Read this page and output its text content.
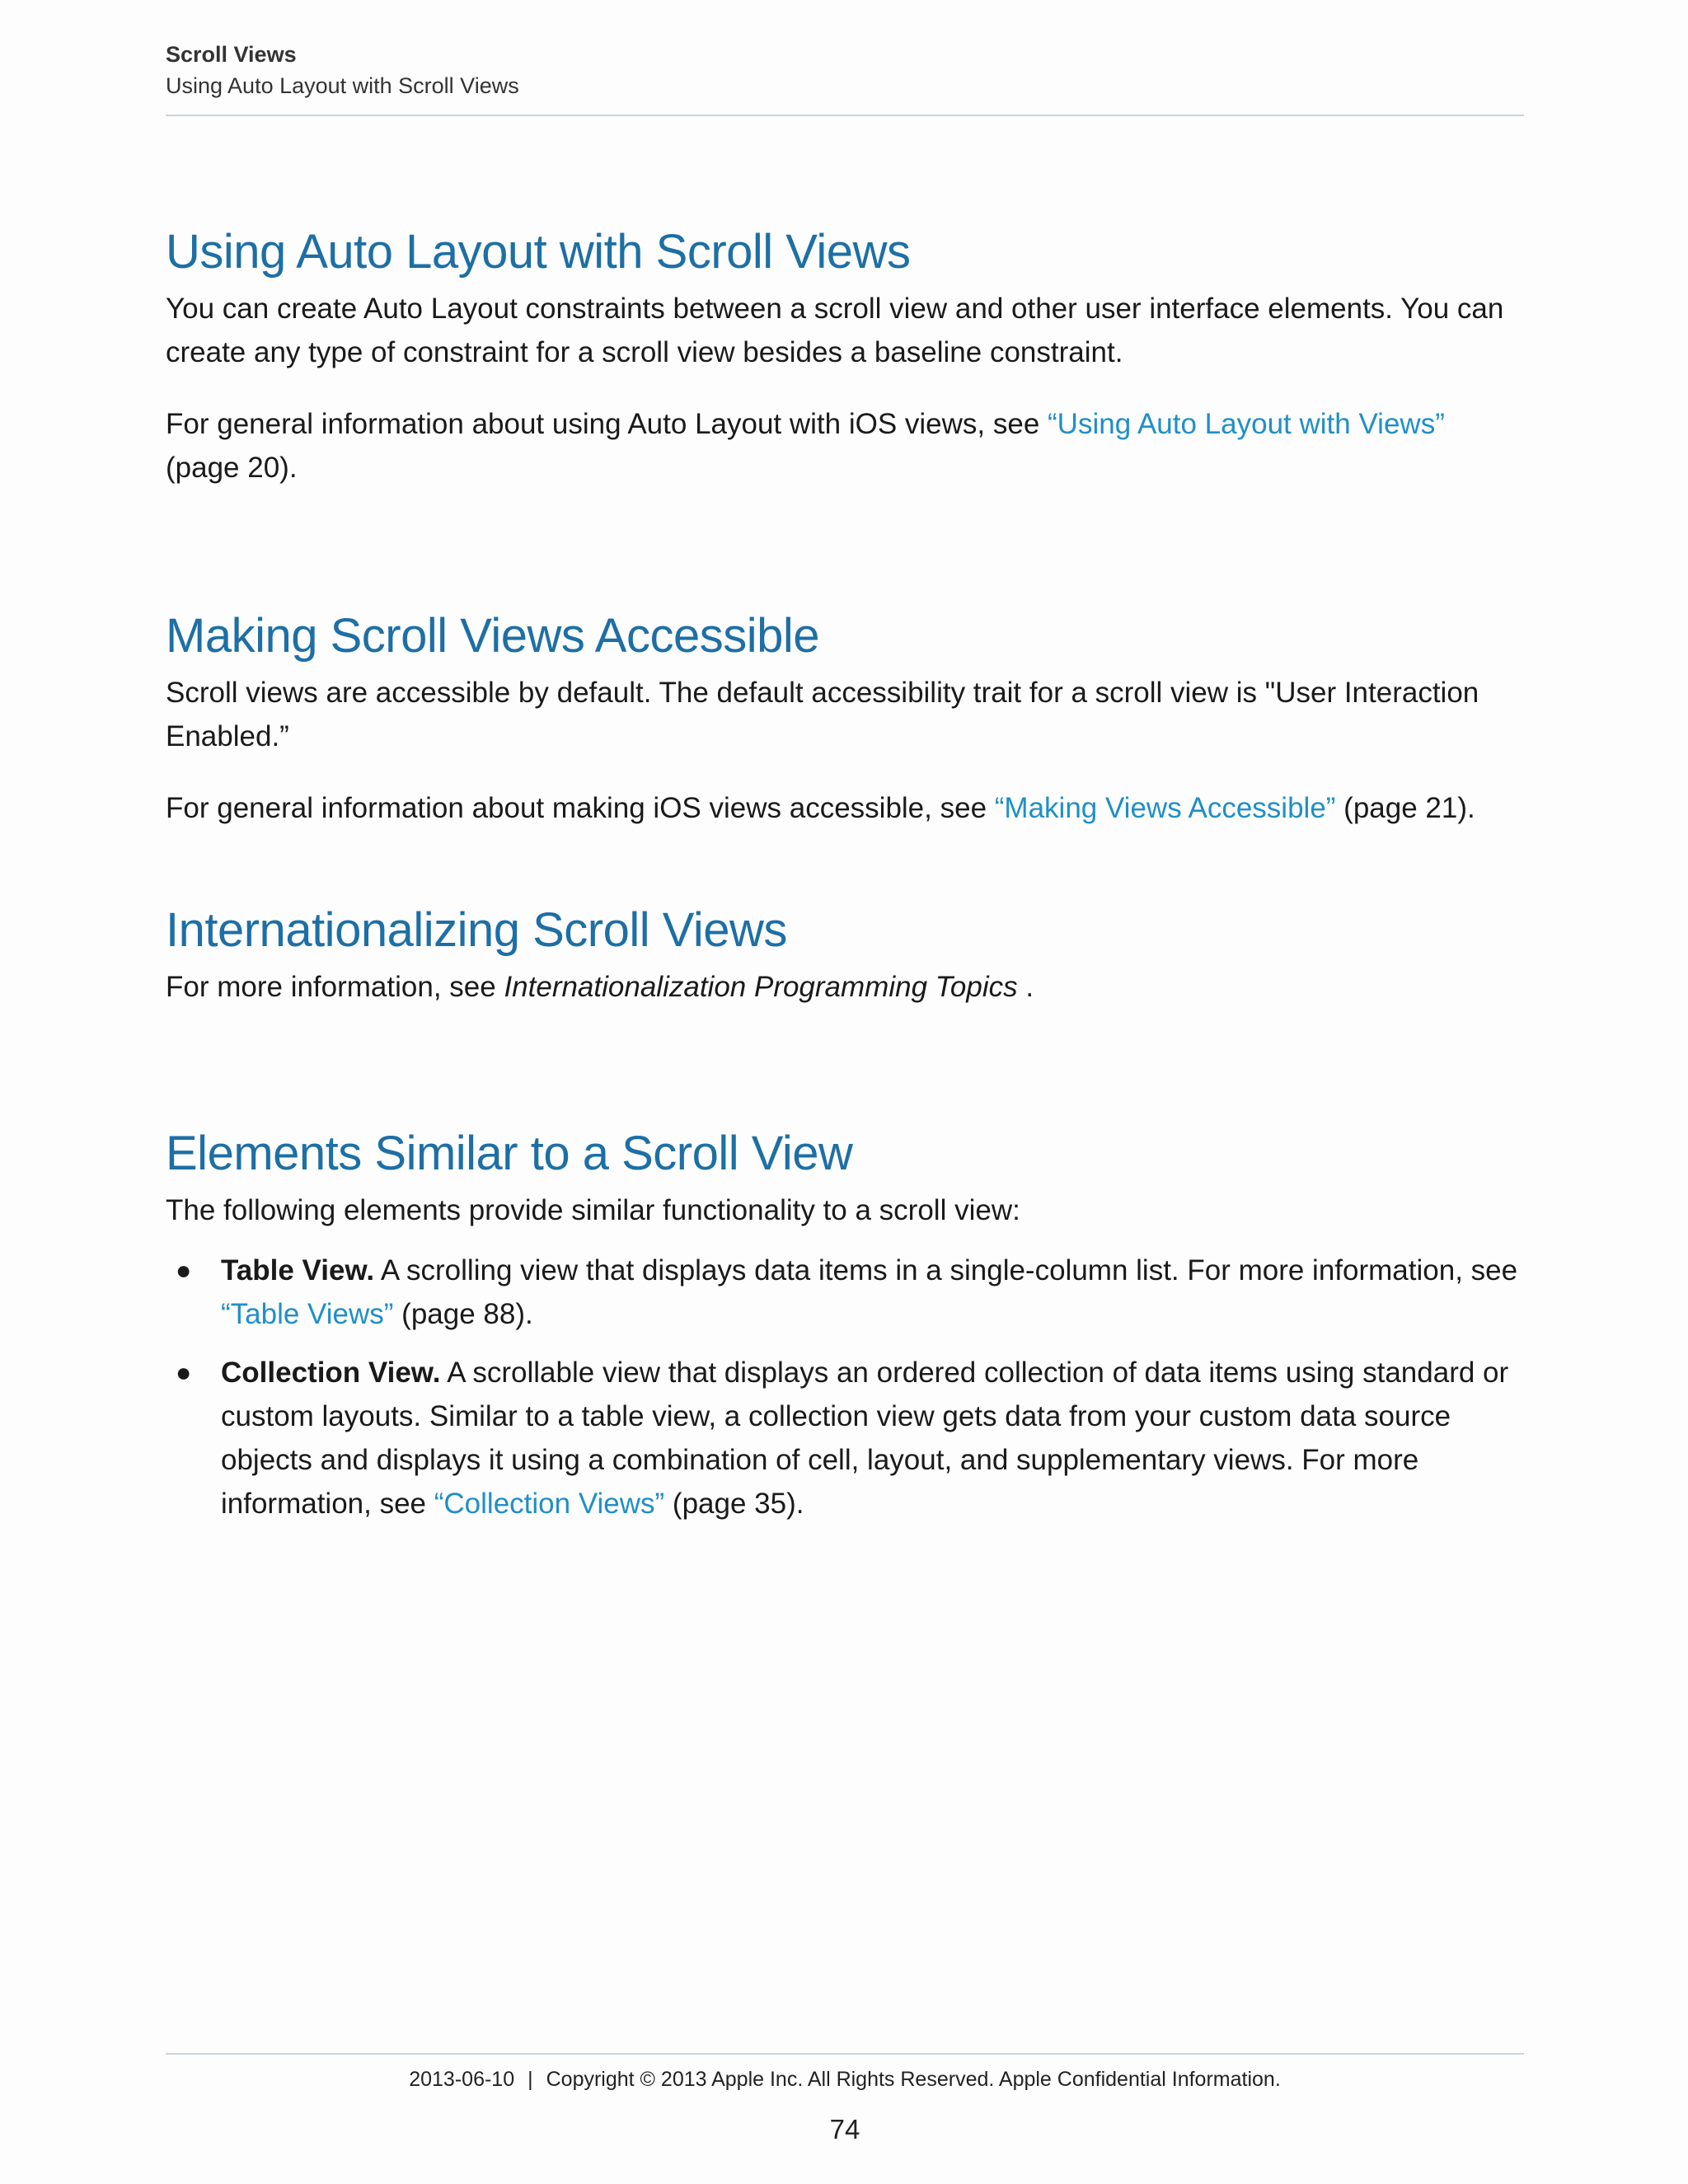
Scroll Views
Using Auto Layout with Scroll Views
Using Auto Layout with Scroll Views

You can create Auto Layout constraints between a scroll view and other user interface elements. You can create any type of constraint for a scroll view besides a baseline constraint.

For general information about using Auto Layout with iOS views, see “Using Auto Layout with Views” (page 20).

Making Scroll Views Accessible

Scroll views are accessible by default. The default accessibility trait for a scroll view is "User Interaction Enabled.”

For general information about making iOS views accessible, see “Making Views Accessible” (page 21).

Internationalizing Scroll Views

For more information, see Internationalization Programming Topics .

Elements Similar to a Scroll View

The following elements provide similar functionality to a scroll view:

● Table View. A scrolling view that displays data items in a single-column list. For more information, see “Table Views” (page 88).
● Collection View. A scrollable view that displays an ordered collection of data items using standard or custom layouts. Similar to a table view, a collection view gets data from your custom data source objects and displays it using a combination of cell, layout, and supplementary views. For more information, see “Collection Views” (page 35).
2013-06-10 | Copyright © 2013 Apple Inc. All Rights Reserved. Apple Confidential Information.
74
